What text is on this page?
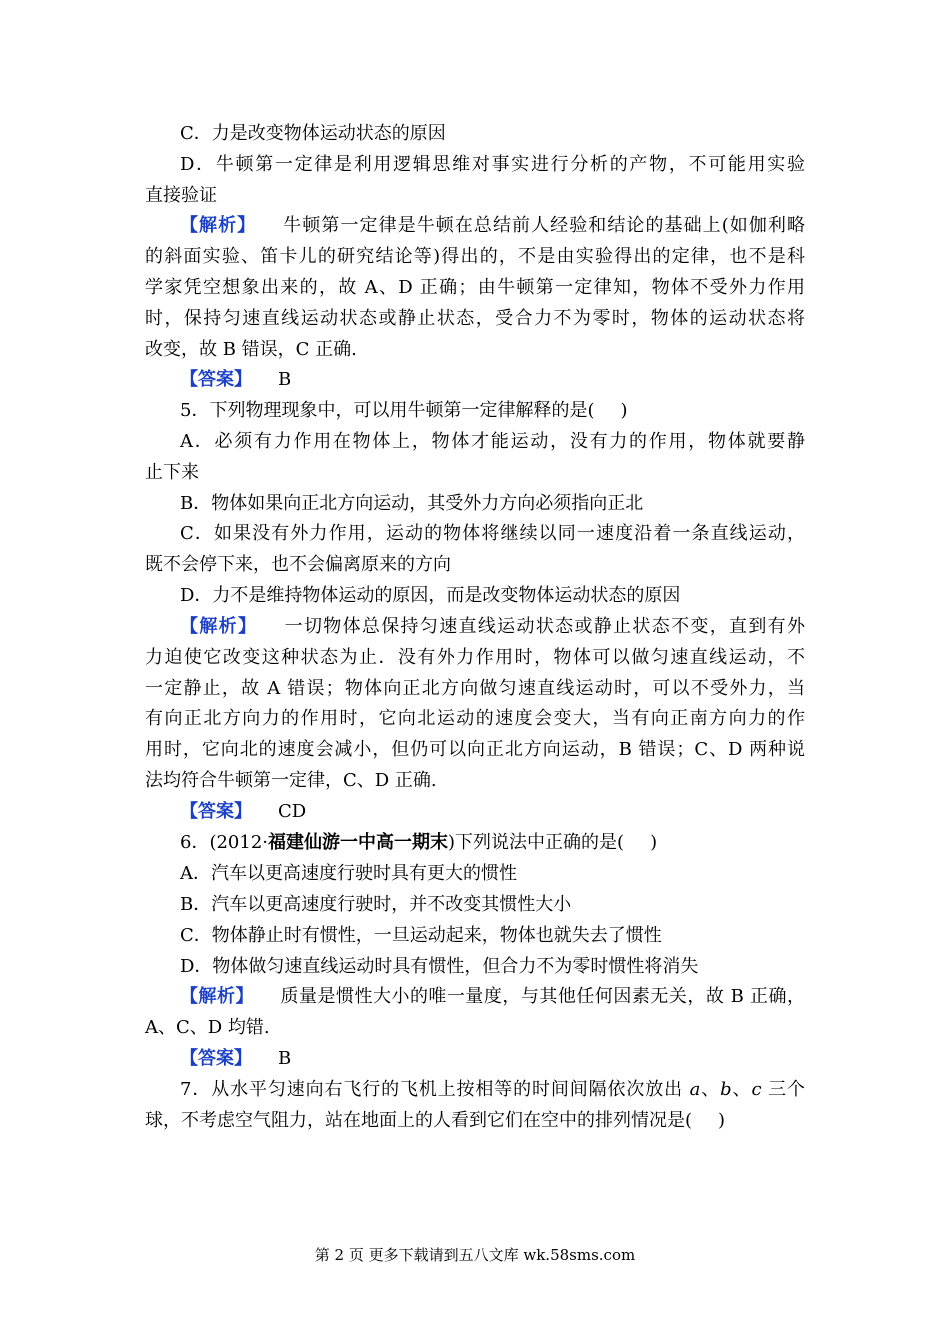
C．力是改变物体运动状态的原因
D．牛顿第一定律是利用逻辑思维对事实进行分析的产物，不可能用实验
直接验证
【解析】 牛顿第一定律是牛顿在总结前人经验和结论的基础上(如伽利略
的斜面实验、笛卡儿的研究结论等)得出的，不是由实验得出的定律，也不是科
学家凭空想象出来的，故 A、D 正确；由牛顿第一定律知，物体不受外力作用
时，保持匀速直线运动状态或静止状态，受合力不为零时，物体的运动状态将
改变，故 B 错误，C 正确.
【答案】 B
5．下列物理现象中，可以用牛顿第一定律解释的是( )
A．必须有力作用在物体上，物体才能运动，没有力的作用，物体就要静
止下来
B．物体如果向正北方向运动，其受外力方向必须指向正北
C．如果没有外力作用，运动的物体将继续以同一速度沿着一条直线运动，
既不会停下来，也不会偏离原来的方向
D．力不是维持物体运动的原因，而是改变物体运动状态的原因
【解析】 一切物体总保持匀速直线运动状态或静止状态不变，直到有外
力迫使它改变这种状态为止．没有外力作用时，物体可以做匀速直线运动，不
一定静止，故 A 错误；物体向正北方向做匀速直线运动时，可以不受外力，当
有向正北方向力的作用时，它向北运动的速度会变大，当有向正南方向力的作
用时，它向北的速度会减小，但仍可以向正北方向运动，B 错误；C、D 两种说
法均符合牛顿第一定律，C、D 正确.
【答案】 CD
6．(2012·福建仙游一中高一期末)下列说法中正确的是( )
A．汽车以更高速度行驶时具有更大的惯性
B．汽车以更高速度行驶时，并不改变其惯性大小
C．物体静止时有惯性，一旦运动起来，物体也就失去了惯性
D．物体做匀速直线运动时具有惯性，但合力不为零时惯性将消失
【解析】 质量是惯性大小的唯一量度，与其他任何因素无关，故 B 正确，
A、C、D 均错.
【答案】 B
7．从水平匀速向右飞行的飞机上按相等的时间间隔依次放出 a、b、c 三个
球，不考虑空气阻力，站在地面上的人看到它们在空中的排列情况是( )
第 2 页 更多下载请到五八文库 wk.58sms.com
